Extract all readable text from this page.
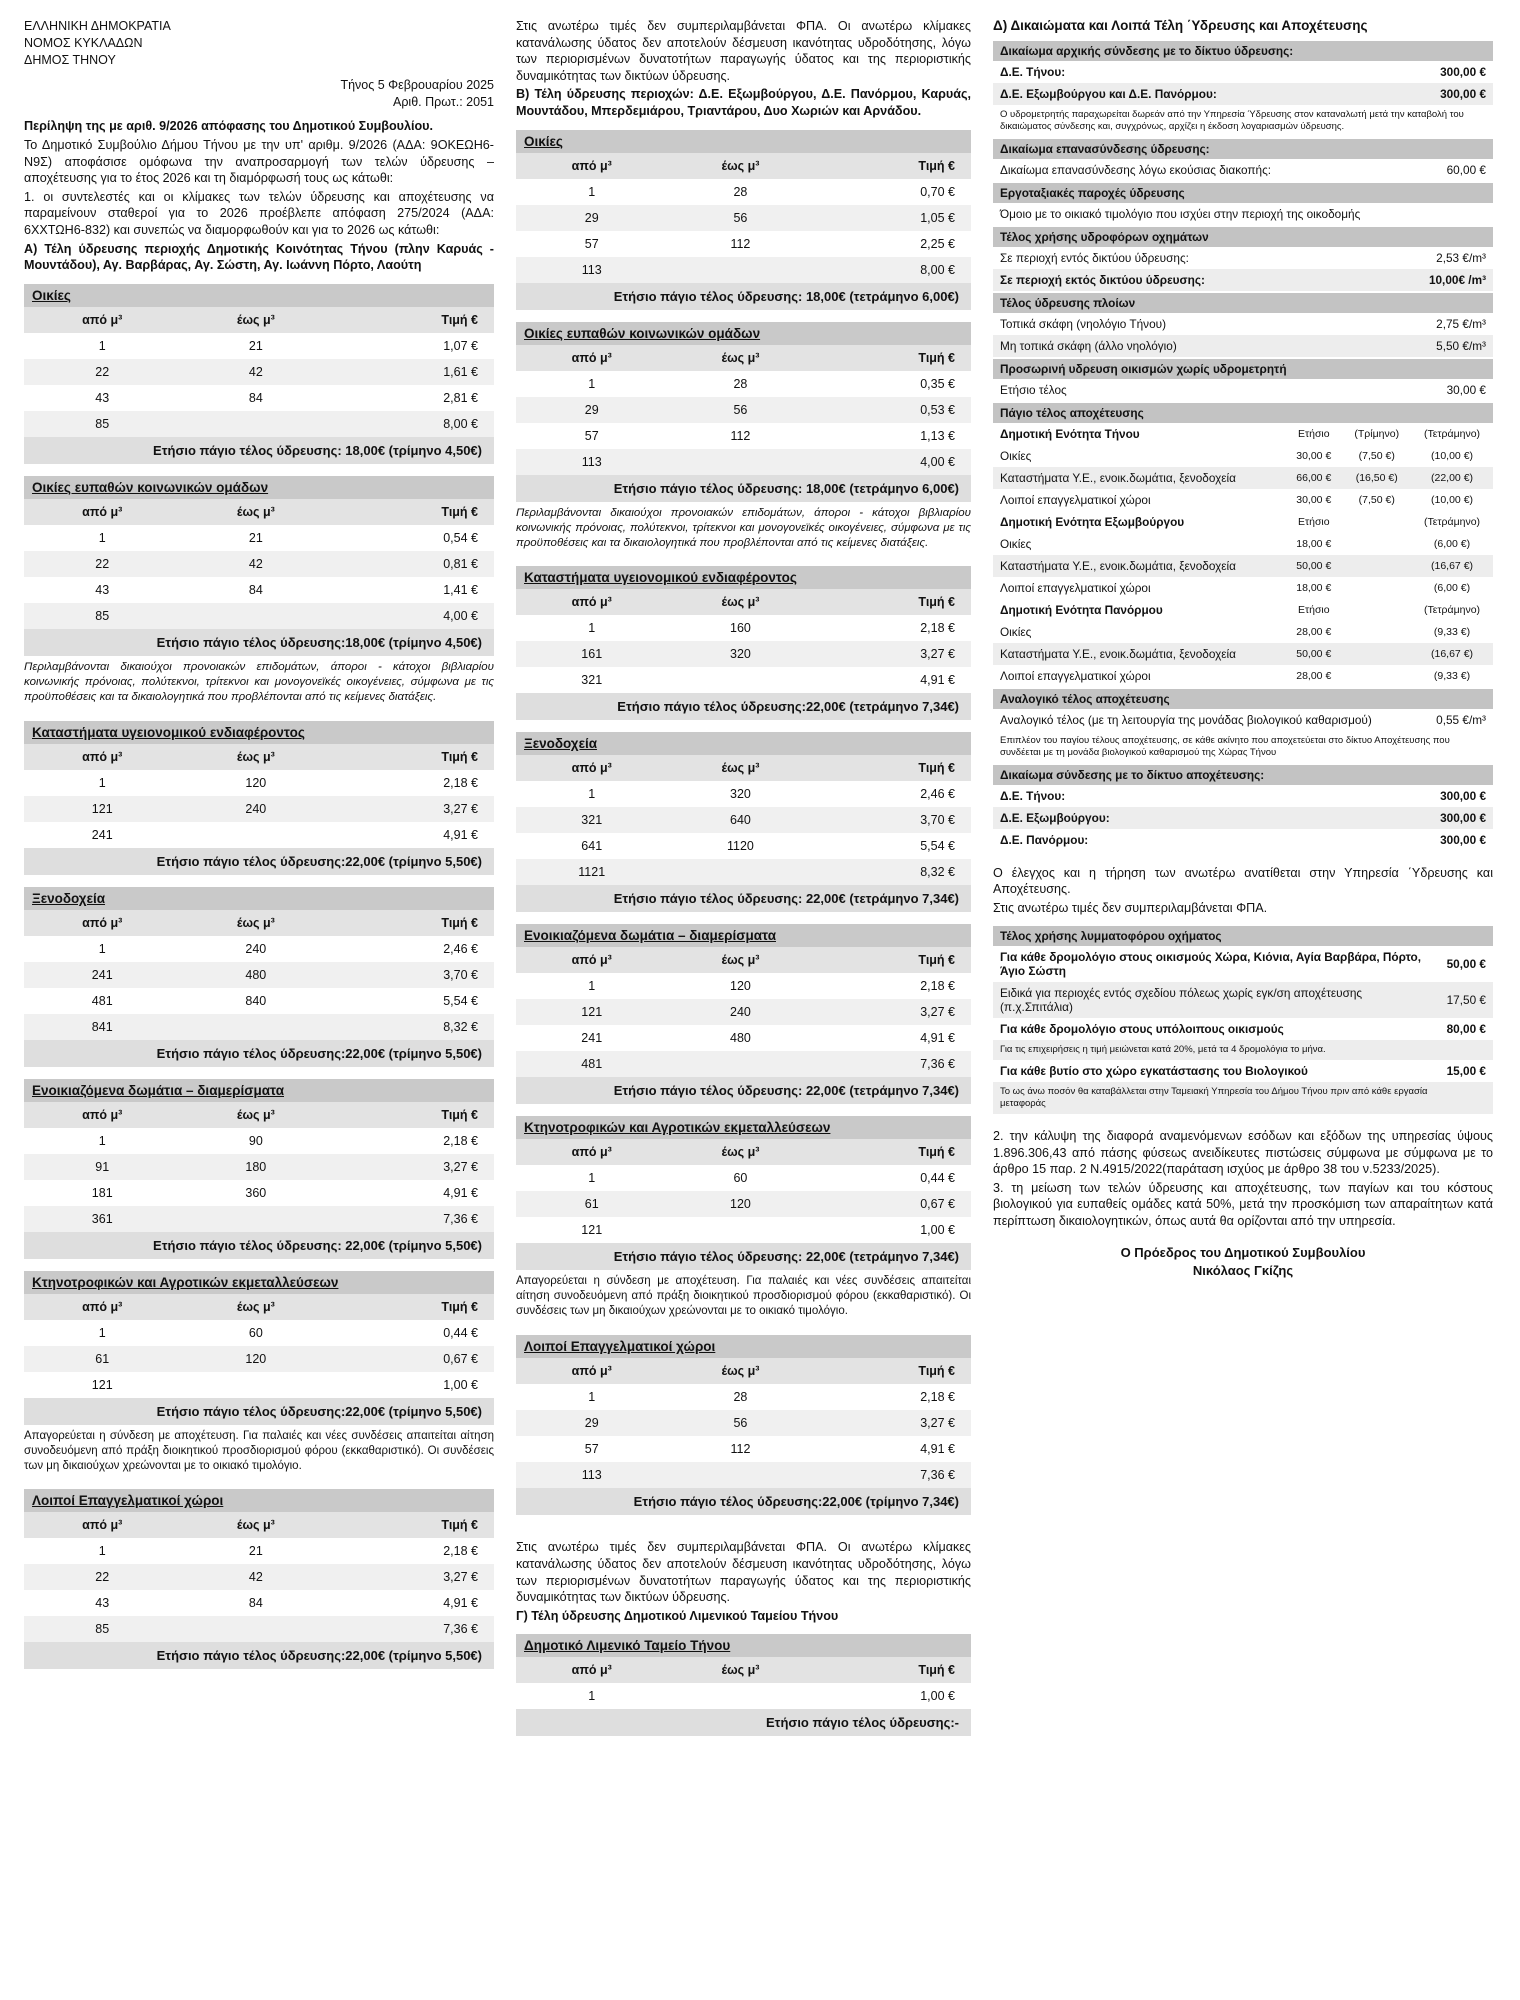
ΕΛΛΗΝΙΚΗ ΔΗΜΟΚΡΑΤΙΑ
ΝΟΜΟΣ ΚΥΚΛΑΔΩΝ
ΔΗΜΟΣ ΤΗΝΟΥ
Τήνος 5 Φεβρουαρίου 2025
Αριθ. Πρωτ.: 2051

Περίληψη της με αριθ. 9/2026 απόφασης του Δημοτικού Συμβουλίου.

Το Δημοτικό Συμβούλιο Δήμου Τήνου με την υπ' αριθμ. 9/2026 (ΑΔΑ: 9ΟΚΕΩΗ6-Ν9Σ) αποφάσισε ομόφωνα την αναπροσαρμογή των τελών ύδρευσης – αποχέτευσης για το έτος 2026 και τη διαμόρφωσή τους ως κάτωθι:

1. οι συντελεστές και οι κλίμακες των τελών ύδρευσης και αποχέτευσης να παραμείνουν σταθεροί για το 2026 προέβλεπε απόφαση 275/2024 (ΑΔΑ: 6ΧΧΤΩΗ6-832) και συνεπώς να διαμορφωθούν και για το 2026 ως κάτωθι:

Α) Τέλη ύδρευσης περιοχής Δημοτικής Κοινότητας Τήνου (πλην Καρυάς - Μουντάδου), Αγ. Βαρβάρας, Αγ. Σώστη, Αγ. Ιωάννη Πόρτο, Λαούτη

Οικίες
από μ³	έως μ³	Τιμή €
1	21	1,07 €
22	42	1,61 €
43	84	2,81 €
85		8,00 €
Ετήσιο πάγιο τέλος ύδρευσης: 18,00€ (τρίμηνο 4,50€)		
Οικίες ευπαθών κοινωνικών ομάδων
από μ³	έως μ³	Τιμή €
1	21	0,54 €
22	42	0,81 €
43	84	1,41 €
85		4,00 €
Ετήσιο πάγιο τέλος ύδρευσης:18,00€ (τρίμηνο 4,50€)		
Περιλαμβάνονται δικαιούχοι προνοιακών επιδομάτων, άποροι - κάτοχοι βιβλιαρίου κοινωνικής πρόνοιας, πολύτεκνοι, τρίτεκνοι και μονογονεϊκές οικογένειες, σύμφωνα με τις προϋποθέσεις και τα δικαιολογητικά που προβλέπονται από τις κείμενες διατάξεις.
Καταστήματα υγειονομικού ενδιαφέροντος
από μ³	έως μ³	Τιμή €
1	120	2,18 €
121	240	3,27 €
241		4,91 €
Ετήσιο πάγιο τέλος ύδρευσης:22,00€ (τρίμηνο 5,50€)		
Ξενοδοχεία
από μ³	έως μ³	Τιμή €
1	240	2,46 €
241	480	3,70 €
481	840	5,54 €
841		8,32 €
Ετήσιο πάγιο τέλος ύδρευσης:22,00€ (τρίμηνο 5,50€)		
Ενοικιαζόμενα δωμάτια – διαμερίσματα
από μ³	έως μ³	Τιμή €
1	90	2,18 €
91	180	3,27 €
181	360	4,91 €
361		7,36 €
Ετήσιο πάγιο τέλος ύδρευσης: 22,00€ (τρίμηνο 5,50€)		
Κτηνοτροφικών και Αγροτικών εκμεταλλεύσεων
από μ³	έως μ³	Τιμή €
1	60	0,44 €
61	120	0,67 €
121		1,00 €
Ετήσιο πάγιο τέλος ύδρευσης:22,00€ (τρίμηνο 5,50€)		
Απαγορεύεται η σύνδεση με αποχέτευση. Για παλαιές και νέες συνδέσεις απαιτείται αίτηση συνοδευόμενη από πράξη διοικητικού προσδιορισμού φόρου (εκκαθαριστικό). Οι συνδέσεις των μη δικαιούχων χρεώνονται με το οικιακό τιμολόγιο.
Λοιποί Επαγγελματικοί χώροι
από μ³	έως μ³	Τιμή €
1	21	2,18 €
22	42	3,27 €
43	84	4,91 €
85		7,36 €
Ετήσιο πάγιο τέλος ύδρευσης:22,00€ (τρίμηνο 5,50€)		

Στις ανωτέρω τιμές δεν συμπεριλαμβάνεται ΦΠΑ. Οι ανωτέρω κλίμακες κατανάλωσης ύδατος δεν αποτελούν δέσμευση ικανότητας υδροδότησης, λόγω των περιορισμένων δυνατοτήτων παραγωγής ύδατος και της περιοριστικής δυναμικότητας των δικτύων ύδρευσης.

Β) Τέλη ύδρευσης περιοχών: Δ.Ε. Εξωμβούργου, Δ.Ε. Πανόρμου, Καρυάς, Μουντάδου, Μπερδεμιάρου, Τριαντάρου, Δυο Χωριών και Αρνάδου.

Οικίες
από μ³	έως μ³	Τιμή €
1	28	0,70 €
29	56	1,05 €
57	112	2,25 €
113		8,00 €
Ετήσιο πάγιο τέλος ύδρευσης: 18,00€ (τετράμηνο 6,00€)		
Οικίες ευπαθών κοινωνικών ομάδων
από μ³	έως μ³	Τιμή €
1	28	0,35 €
29	56	0,53 €
57	112	1,13 €
113		4,00 €
Ετήσιο πάγιο τέλος ύδρευσης: 18,00€ (τετράμηνο 6,00€)		
Περιλαμβάνονται δικαιούχοι προνοιακών επιδομάτων, άποροι - κάτοχοι βιβλιαρίου κοινωνικής πρόνοιας, πολύτεκνοι, τρίτεκνοι και μονογονεϊκές οικογένειες, σύμφωνα με τις προϋποθέσεις και τα δικαιολογητικά που προβλέπονται από τις κείμενες διατάξεις.
Καταστήματα υγειονομικού ενδιαφέροντος
από μ³	έως μ³	Τιμή €
1	160	2,18 €
161	320	3,27 €
321		4,91 €
Ετήσιο πάγιο τέλος ύδρευσης:22,00€ (τετράμηνο 7,34€)		
Ξενοδοχεία
από μ³	έως μ³	Τιμή €
1	320	2,46 €
321	640	3,70 €
641	1120	5,54 €
1121		8,32 €
Ετήσιο πάγιο τέλος ύδρευσης: 22,00€ (τετράμηνο 7,34€)		
Ενοικιαζόμενα δωμάτια – διαμερίσματα
από μ³	έως μ³	Τιμή €
1	120	2,18 €
121	240	3,27 €
241	480	4,91 €
481		7,36 €
Ετήσιο πάγιο τέλος ύδρευσης: 22,00€ (τετράμηνο 7,34€)		
Κτηνοτροφικών και Αγροτικών εκμεταλλεύσεων
από μ³	έως μ³	Τιμή €
1	60	0,44 €
61	120	0,67 €
121		1,00 €
Ετήσιο πάγιο τέλος ύδρευσης: 22,00€ (τετράμηνο 7,34€)		
Απαγορεύεται η σύνδεση με αποχέτευση. Για παλαιές και νέες συνδέσεις απαιτείται αίτηση συνοδευόμενη από πράξη διοικητικού προσδιορισμού φόρου (εκκαθαριστικό). Οι συνδέσεις των μη δικαιούχων χρεώνονται με το οικιακό τιμολόγιο.
Λοιποί Επαγγελματικοί χώροι
από μ³	έως μ³	Τιμή €
1	28	2,18 €
29	56	3,27 €
57	112	4,91 €
113		7,36 €
Ετήσιο πάγιο τέλος ύδρευσης:22,00€ (τρίμηνο 7,34€)		

Στις ανωτέρω τιμές δεν συμπεριλαμβάνεται ΦΠΑ. Οι ανωτέρω κλίμακες κατανάλωσης ύδατος δεν αποτελούν δέσμευση ικανότητας υδροδότησης, λόγω των περιορισμένων δυνατοτήτων παραγωγής ύδατος και της περιοριστικής δυναμικότητας των δικτύων ύδρευσης.

Γ) Τέλη ύδρευσης Δημοτικού Λιμενικού Ταμείου Τήνου

Δημοτικό Λιμενικό Ταμείο Τήνου
από μ³	έως μ³	Τιμή €
1		1,00 €
Ετήσιο πάγιο τέλος ύδρευσης:-		
Δ) Δικαιώματα και Λοιπά Τέλη ΄Υδρευσης και Αποχέτευσης
Δικαίωμα αρχικής σύνδεσης με το δίκτυο ύδρευσης:
Δ.Ε. Τήνου:	300,00 €
Δ.Ε. Εξωμβούργου και Δ.Ε. Πανόρμου:	300,00 €
Ο υδρομετρητής παραχωρείται δωρεάν από την Υπηρεσία Ύδρευσης στον καταναλωτή μετά την καταβολή του δικαιώματος σύνδεσης και, συγχρόνως, αρχίζει η έκδοση λογαριασμών ύδρευσης.	
Δικαίωμα επανασύνδεσης ύδρευσης:
Δικαίωμα επανασύνδεσης λόγω εκούσιας διακοπής:	60,00 €
Εργοταξιακές παροχές ύδρευσης
Όμοιο με το οικιακό τιμολόγιο που ισχύει στην περιοχή της οικοδομής	
Τέλος χρήσης υδροφόρων οχημάτων
Σε περιοχή εντός δικτύου ύδρευσης:	2,53 €/m³
Σε περιοχή εκτός δικτύου ύδρευσης:	10,00€ /m³
Τέλος ύδρευσης πλοίων
Τοπικά σκάφη (νηολόγιο Τήνου)	2,75 €/m³
Μη τοπικά σκάφη (άλλο νηολόγιο)	5,50 €/m³
Προσωρινή υδρευση οικισμών χωρίς υδρομετρητή
Ετήσιο τέλος	30,00 €
Πάγιο τέλος αποχέτευσης
Δημοτική Ενότητα Τήνου	Ετήσιο	(Τρίμηνο)	(Τετράμηνο)
Οικίες	30,00 €	(7,50 €)	(10,00 €)
Καταστήματα Υ.Ε., ενοικ.δωμάτια, ξενοδοχεία	66,00 €	(16,50 €)	(22,00 €)
Λοιποί επαγγελματικοί χώροι	30,00 €	(7,50 €)	(10,00 €)
Δημοτική Ενότητα Εξωμβούργου	Ετήσιο		(Τετράμηνο)
Οικίες	18,00 €		(6,00 €)
Καταστήματα Υ.Ε., ενοικ.δωμάτια, ξενοδοχεία	50,00 €		(16,67 €)
Λοιποί επαγγελματικοί χώροι	18,00 €		(6,00 €)
Δημοτική Ενότητα Πανόρμου	Ετήσιο		(Τετράμηνο)
Οικίες	28,00 €		(9,33 €)
Καταστήματα Υ.Ε., ενοικ.δωμάτια, ξενοδοχεία	50,00 €		(16,67 €)
Λοιποί επαγγελματικοί χώροι	28,00 €		(9,33 €)
Αναλογικό τέλος αποχέτευσης
Αναλογικό τέλος (με τη λειτουργία της μονάδας βιολογικού καθαρισμού)	0,55 €/m³
Επιπλέον του παγίου τέλους αποχέτευσης, σε κάθε ακίνητο που αποχετεύεται στο δίκτυο Αποχέτευσης που συνδέεται με τη μονάδα βιολογικού καθαρισμού της Χώρας Τήνου
Δικαίωμα σύνδεσης με το δίκτυο αποχέτευσης:
Δ.Ε. Τήνου:	300,00 €
Δ.Ε. Εξωμβούργου:	300,00 €
Δ.Ε. Πανόρμου:	300,00 €

Ο έλεγχος και η τήρηση των ανωτέρω ανατίθεται στην Υπηρεσία ΄Υδρευσης και Αποχέτευσης.

Στις ανωτέρω τιμές δεν συμπεριλαμβάνεται ΦΠΑ.

Τέλος χρήσης λυμματοφόρου οχήματος
Για κάθε δρομολόγιο στους οικισμούς Χώρα, Κιόνια, Αγία Βαρβάρα, Πόρτο, Άγιο Σώστη	50,00 €
Ειδικά για περιοχές εντός σχεδίου πόλεως χωρίς εγκ/ση αποχέτευσης (π.χ.Σπιτάλια)	17,50 €
Για κάθε δρομολόγιο στους υπόλοιπους οικισμούς	80,00 €
Για τις επιχειρήσεις η τιμή μειώνεται κατά 20%, μετά τα 4 δρομολόγια το μήνα.	
Για κάθε βυτίο στο χώρο εγκατάστασης του Βιολογικού	15,00 €
Το ως άνω ποσόν θα καταβάλλεται στην Ταμειακή Υπηρεσία του Δήμου Τήνου πριν από κάθε εργασία μεταφοράς	

2. την κάλυψη της διαφορά αναμενόμενων εσόδων και εξόδων της υπηρεσίας ύψους 1.896.306,43 από πάσης φύσεως ανειδίκευτες πιστώσεις σύμφωνα με σύμφωνα με το άρθρο 15 παρ. 2 Ν.4915/2022(παράταση ισχύος με άρθρο 38 του ν.5233/2025).

3. τη μείωση των τελών ύδρευσης και αποχέτευσης, των παγίων και του κόστους βιολογικού για ευπαθείς ομάδες κατά 50%, μετά την προσκόμιση των απαραίτητων κατά περίπτωση δικαιολογητικών, όπως αυτά θα ορίζονται από την υπηρεσία.

Ο Πρόεδρος του Δημοτικού Συμβουλίου
Νικόλαος Γκίζης
